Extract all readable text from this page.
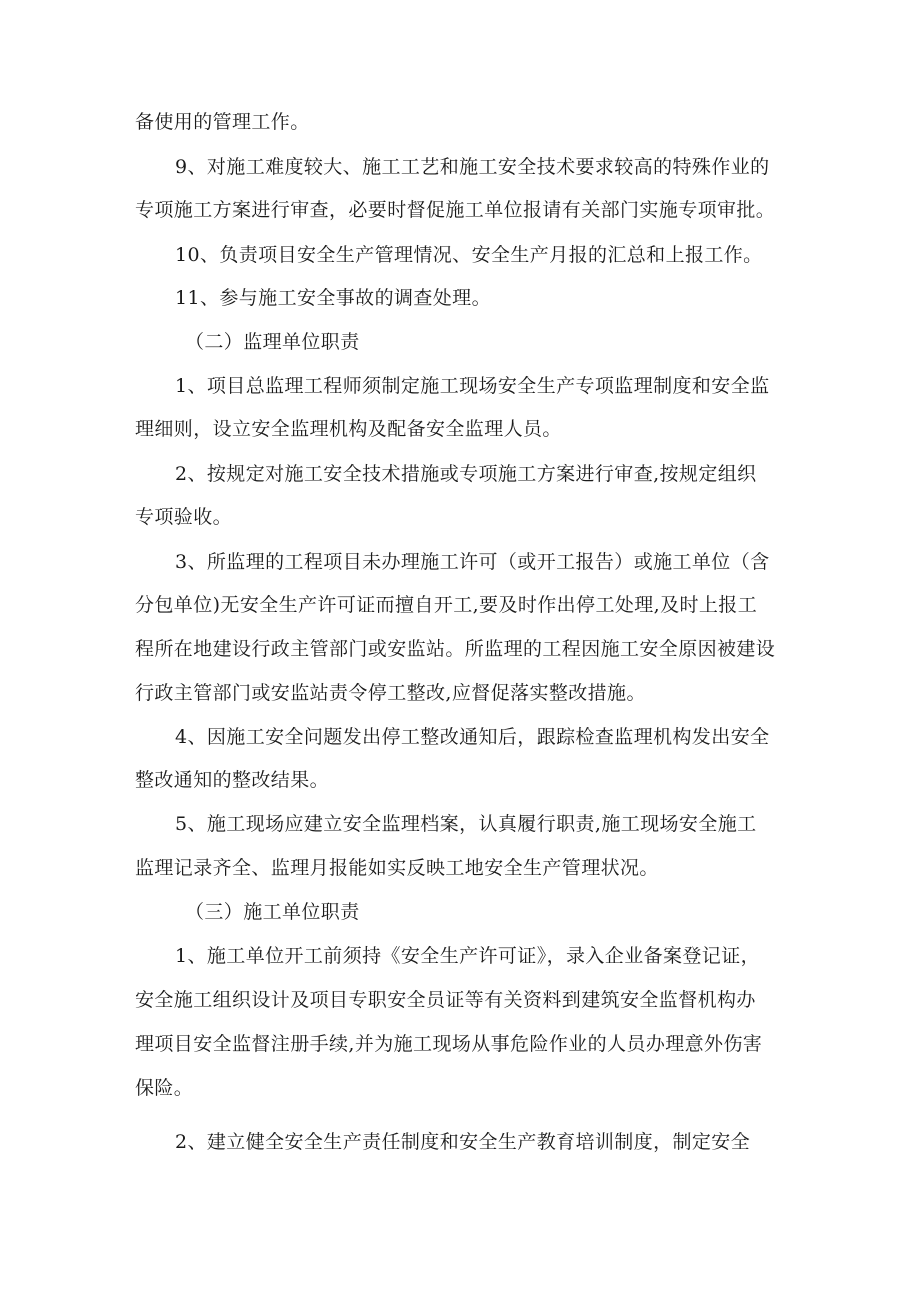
备使用的管理工作。

9、对施工难度较大、施工工艺和施工安全技术要求较高的特殊作业的

专项施工方案进行审查，必要时督促施工单位报请有关部门实施专项审批。

10、负责项目安全生产管理情况、安全生产月报的汇总和上报工作。

11、参与施工安全事故的调查处理。

（二）监理单位职责

1、项目总监理工程师须制定施工现场安全生产专项监理制度和安全监

理细则，设立安全监理机构及配备安全监理人员。

2、按规定对施工安全技术措施或专项施工方案进行审查,按规定组织

专项验收。

3、所监理的工程项目未办理施工许可（或开工报告）或施工单位（含

分包单位)无安全生产许可证而擅自开工,要及时作出停工处理,及时上报工

程所在地建设行政主管部门或安监站。所监理的工程因施工安全原因被建设

行政主管部门或安监站责令停工整改,应督促落实整改措施。

4、因施工安全问题发出停工整改通知后，跟踪检查监理机构发出安全

整改通知的整改结果。

5、施工现场应建立安全监理档案，认真履行职责,施工现场安全施工

监理记录齐全、监理月报能如实反映工地安全生产管理状况。

（三）施工单位职责

1、施工单位开工前须持《安全生产许可证》，录入企业备案登记证，

安全施工组织设计及项目专职安全员证等有关资料到建筑安全监督机构办

理项目安全监督注册手续,并为施工现场从事危险作业的人员办理意外伤害

保险。

2、建立健全安全生产责任制度和安全生产教育培训制度，制定安全
